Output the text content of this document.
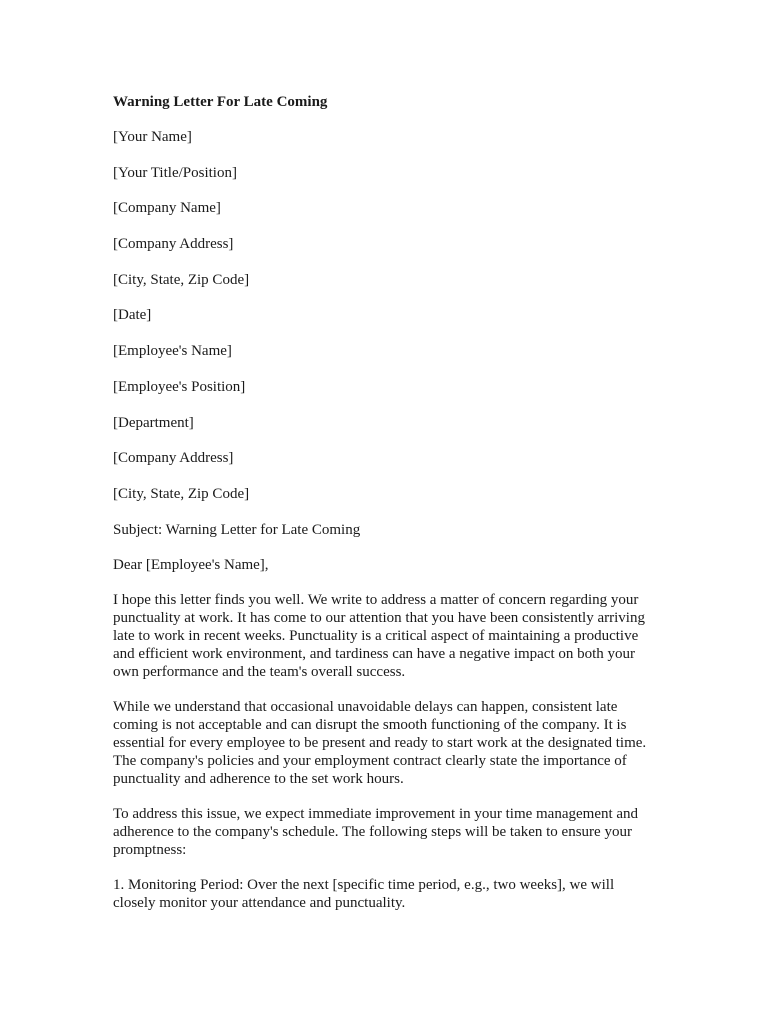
Warning Letter For Late Coming
[Your Name]
[Your Title/Position]
[Company Name]
[Company Address]
[City, State, Zip Code]
[Date]
[Employee's Name]
[Employee's Position]
[Department]
[Company Address]
[City, State, Zip Code]
Subject: Warning Letter for Late Coming
Dear [Employee's Name],

I hope this letter finds you well. We write to address a matter of concern regarding your punctuality at work. It has come to our attention that you have been consistently arriving late to work in recent weeks. Punctuality is a critical aspect of maintaining a productive and efficient work environment, and tardiness can have a negative impact on both your own performance and the team's overall success.

While we understand that occasional unavoidable delays can happen, consistent late coming is not acceptable and can disrupt the smooth functioning of the company. It is essential for every employee to be present and ready to start work at the designated time. The company's policies and your employment contract clearly state the importance of punctuality and adherence to the set work hours.

To address this issue, we expect immediate improvement in your time management and adherence to the company's schedule. The following steps will be taken to ensure your promptness:

1. Monitoring Period: Over the next [specific time period, e.g., two weeks], we will closely monitor your attendance and punctuality.
